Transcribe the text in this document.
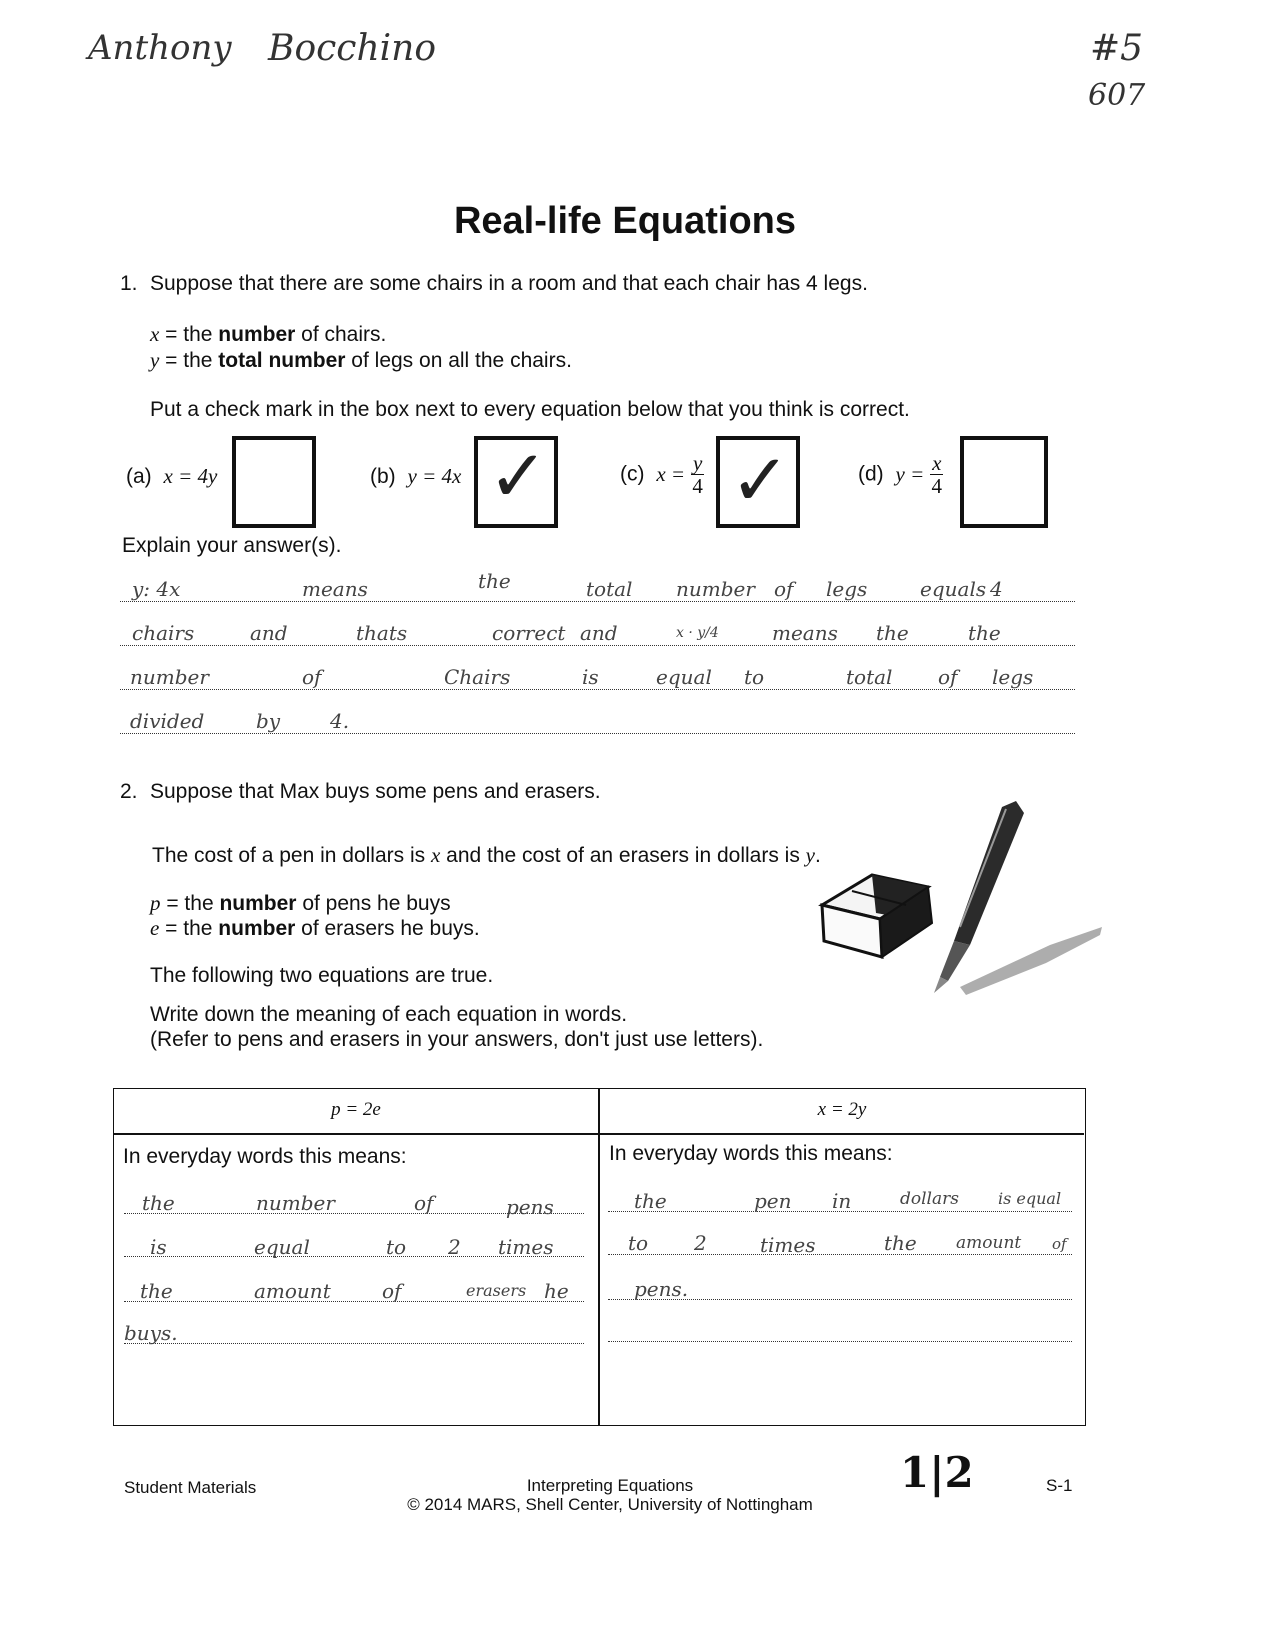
Anthony Bocchino	#5
607
Real-life Equations
1. Suppose that there are some chairs in a room and that each chair has 4 legs.
x = the number of chairs.
y = the total number of legs on all the chairs.
Put a check mark in the box next to every equation below that you think is correct.
(a) x = 4y	(b) y = 4x ✓	(c) $x = \frac{y}{4}$ ✓	(d) $y = \frac{x}{4}$
Explain your answer(s).
y: 4x	means	the	total number of legs	equals 4
chairs	and	thats	correct and	x · y/4	means the	the
number	of	Chairs	is	equal to	total of legs
divided	by 4.
2. Suppose that Max buys some pens and erasers.
The cost of a pen in dollars is x and the cost of an erasers in dollars is y.
p = the number of pens he buys
e = the number of erasers he buys.
The following two equations are true.
Write down the meaning of each equation in words.
(Refer to pens and erasers in your answers, don't just use letters).
p = 2e	x = 2y
In everyday words this means:	In everyday words this means:
the	number	of	pens
is	equal	to 2 times
the	amount	of	erasers he
buys.
the	pen in	dollars is equal
to 2	times	the amount of
pens.
1|2
Student Materials	Interpreting Equations
© 2014 MARS, Shell Center, University of Nottingham
S-1
